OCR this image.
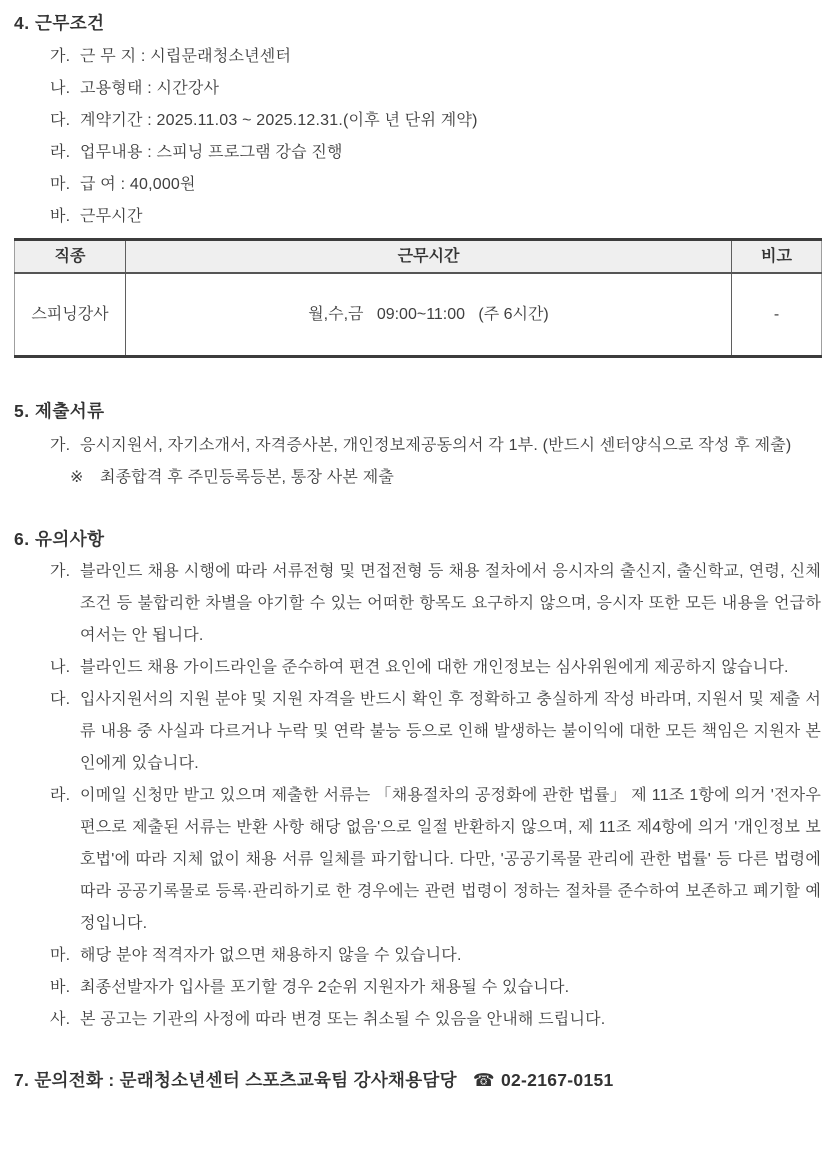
4. 근무조건
가. 근 무 지 : 시립문래청소년센터
나. 고용형태 : 시간강사
다. 계약기간 : 2025.11.03 ~ 2025.12.31.(이후 년 단위 계약)
라. 업무내용 : 스피닝 프로그램 강습 진행
마. 급 여 : 40,000원
바. 근무시간
직종	근무시간	비고
스피닝강사	월,수,금   09:00~11:00   (주 6시간)	-
5. 제출서류
가. 응시지원서, 자기소개서, 자격증사본, 개인정보제공동의서 각 1부. (반드시 센터양식으로 작성 후 제출)
※ 최종합격 후 주민등록등본, 통장 사본 제출
6. 유의사항
가. 블라인드 채용 시행에 따라 서류전형 및 면접전형 등 채용 절차에서 응시자의 출신지, 출신학교, 연령, 신체조건 등 불합리한 차별을 야기할 수 있는 어떠한 항목도 요구하지 않으며, 응시자 또한 모든 내용을 언급하여서는 안 됩니다.
나. 블라인드 채용 가이드라인을 준수하여 편견 요인에 대한 개인정보는 심사위원에게 제공하지 않습니다.
다. 입사지원서의 지원 분야 및 지원 자격을 반드시 확인 후 정확하고 충실하게 작성 바라며, 지원서 및 제출 서류 내용 중 사실과 다르거나 누락 및 연락 불능 등으로 인해 발생하는 불이익에 대한 모든 책임은 지원자 본인에게 있습니다.
라. 이메일 신청만 받고 있으며 제출한 서류는 「채용절차의 공정화에 관한 법률」 제 11조 1항에 의거 '전자우편으로 제출된 서류는 반환 사항 해당 없음'으로 일절 반환하지 않으며, 제 11조 제4항에 의거 '개인정보 보호법'에 따라 지체 없이 채용 서류 일체를 파기합니다. 다만, '공공기록물 관리에 관한 법률' 등 다른 법령에 따라 공공기록물로 등록·관리하기로 한 경우에는 관련 법령이 정하는 절차를 준수하여 보존하고 폐기할 예정입니다.
마. 해당 분야 적격자가 없으면 채용하지 않을 수 있습니다.
바. 최종선발자가 입사를 포기할 경우 2순위 지원자가 채용될 수 있습니다.
사. 본 공고는 기관의 사정에 따라 변경 또는 취소될 수 있음을 안내해 드립니다.
7. 문의전화 : 문래청소년센터 스포츠교육팀 강사채용담당 ☎ 02-2167-0151
